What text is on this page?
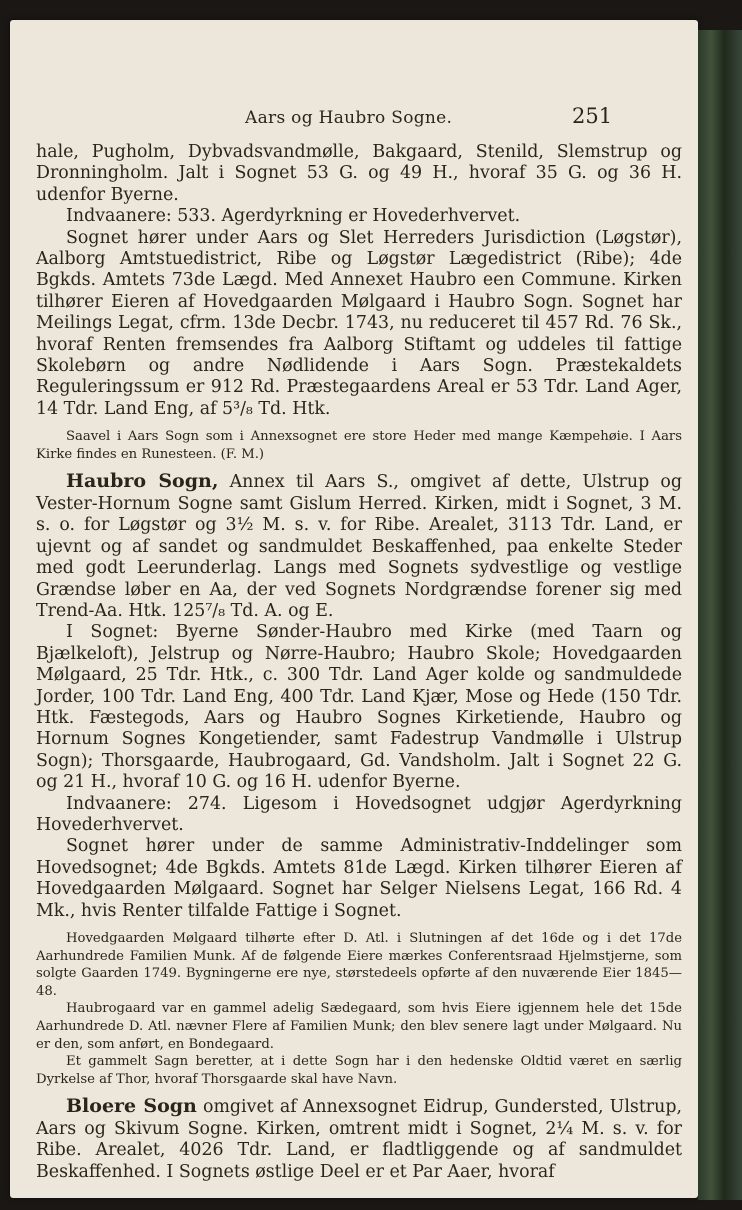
Aars og Haubro Sogne.	251

hale, Pugholm, Dybvadsvandmølle, Bakgaard, Stenild, Slemstrup og Dronningholm. Jalt i Sognet 53 G. og 49 H., hvoraf 35 G. og 36 H. udenfor Byerne.

Indvaanere: 533. Agerdyrkning er Hovederhvervet.

Sognet hører under Aars og Slet Herreders Jurisdiction (Løgstør), Aalborg Amtstuedistrict, Ribe og Løgstør Lægedistrict (Ribe); 4de Bgkds. Amtets 73de Lægd. Med Annexet Haubro een Commune. Kirken tilhører Eieren af Hovedgaarden Mølgaard i Haubro Sogn. Sognet har Meilings Legat, cfrm. 13de Decbr. 1743, nu reduceret til 457 Rd. 76 Sk., hvoraf Renten fremsendes fra Aalborg Stiftamt og uddeles til fattige Skolebørn og andre Nødlidende i Aars Sogn. Præstekaldets Reguleringssum er 912 Rd. Præstegaardens Areal er 53 Tdr. Land Ager, 14 Tdr. Land Eng, af 5³/₈ Td. Htk.

Saavel i Aars Sogn som i Annexsognet ere store Heder med mange Kæmpehøie. I Aars Kirke findes en Runesteen. (F. M.)

Haubro Sogn, Annex til Aars S., omgivet af dette, Ulstrup og Vester-Hornum Sogne samt Gislum Herred. Kirken, midt i Sognet, 3 M. s. o. for Løgstør og 3½ M. s. v. for Ribe. Arealet, 3113 Tdr. Land, er ujevnt og af sandet og sandmuldet Beskaffenhed, paa enkelte Steder med godt Leerunderlag. Langs med Sognets sydvestlige og vestlige Grændse løber en Aa, der ved Sognets Nordgrændse forener sig med Trend-Aa. Htk. 125⁷/₈ Td. A. og E.

I Sognet: Byerne Sønder-Haubro med Kirke (med Taarn og Bjælkeloft), Jelstrup og Nørre-Haubro; Haubro Skole; Hovedgaarden Mølgaard, 25 Tdr. Htk., c. 300 Tdr. Land Ager kolde og sandmuldede Jorder, 100 Tdr. Land Eng, 400 Tdr. Land Kjær, Mose og Hede (150 Tdr. Htk. Fæstegods, Aars og Haubro Sognes Kirketiende, Haubro og Hornum Sognes Kongetiender, samt Fadestrup Vandmølle i Ulstrup Sogn); Thorsgaarde, Haubrogaard, Gd. Vandsholm. Jalt i Sognet 22 G. og 21 H., hvoraf 10 G. og 16 H. udenfor Byerne.

Indvaanere: 274. Ligesom i Hovedsognet udgjør Agerdyrkning Hovederhvervet.

Sognet hører under de samme Administrativ-Inddelinger som Hovedsognet; 4de Bgkds. Amtets 81de Lægd. Kirken tilhører Eieren af Hovedgaarden Mølgaard. Sognet har Selger Nielsens Legat, 166 Rd. 4 Mk., hvis Renter tilfalde Fattige i Sognet.

Hovedgaarden Mølgaard tilhørte efter D. Atl. i Slutningen af det 16de og i det 17de Aarhundrede Familien Munk. Af de følgende Eiere mærkes Conferentsraad Hjelmstjerne, som solgte Gaarden 1749. Bygningerne ere nye, størstedeels opførte af den nuværende Eier 1845—48.

Haubrogaard var en gammel adelig Sædegaard, som hvis Eiere igjennem hele det 15de Aarhundrede D. Atl. nævner Flere af Familien Munk; den blev senere lagt under Mølgaard. Nu er den, som anført, en Bondegaard.

Et gammelt Sagn beretter, at i dette Sogn har i den hedenske Oldtid været en særlig Dyrkelse af Thor, hvoraf Thorsgaarde skal have Navn.

Bloere Sogn omgivet af Annexsognet Eidrup, Gundersted, Ulstrup, Aars og Skivum Sogne. Kirken, omtrent midt i Sognet, 2¼ M. s. v. for Ribe. Arealet, 4026 Tdr. Land, er fladtliggende og af sandmuldet Beskaffenhed. I Sognets østlige Deel er et Par Aaer, hvoraf
